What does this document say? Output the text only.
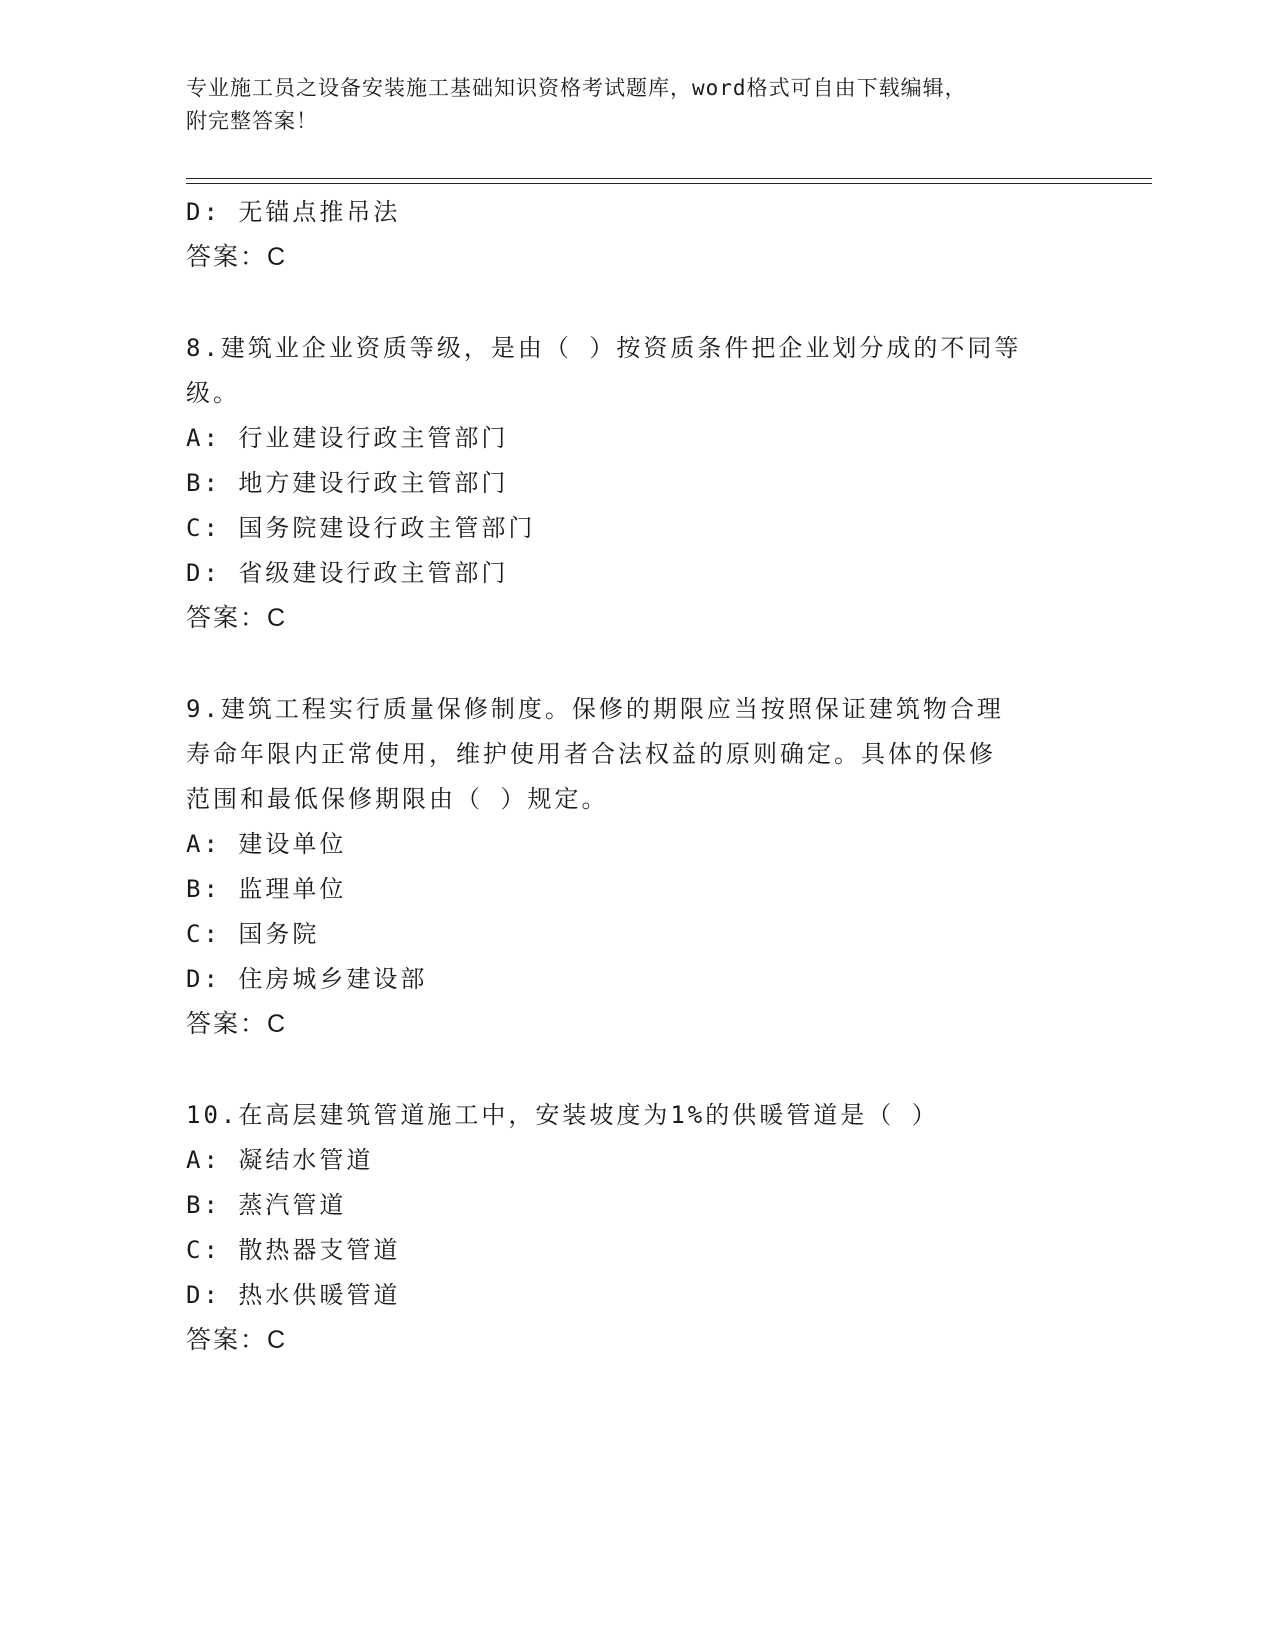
专业施工员之设备安装施工基础知识资格考试题库，word格式可自由下载编辑，
附完整答案！
D: 无锚点推吊法
答案：C
8.建筑业企业资质等级，是由（ ）按资质条件把企业划分成的不同等
级。
A: 行业建设行政主管部门
B: 地方建设行政主管部门
C: 国务院建设行政主管部门
D: 省级建设行政主管部门
答案：C
9.建筑工程实行质量保修制度。保修的期限应当按照保证建筑物合理
寿命年限内正常使用，维护使用者合法权益的原则确定。具体的保修
范围和最低保修期限由（ ）规定。
A: 建设单位
B: 监理单位
C: 国务院
D: 住房城乡建设部
答案：C
10.在高层建筑管道施工中，安装坡度为1%的供暖管道是（ ）
A: 凝结水管道
B: 蒸汽管道
C: 散热器支管道
D: 热水供暖管道
答案：C
